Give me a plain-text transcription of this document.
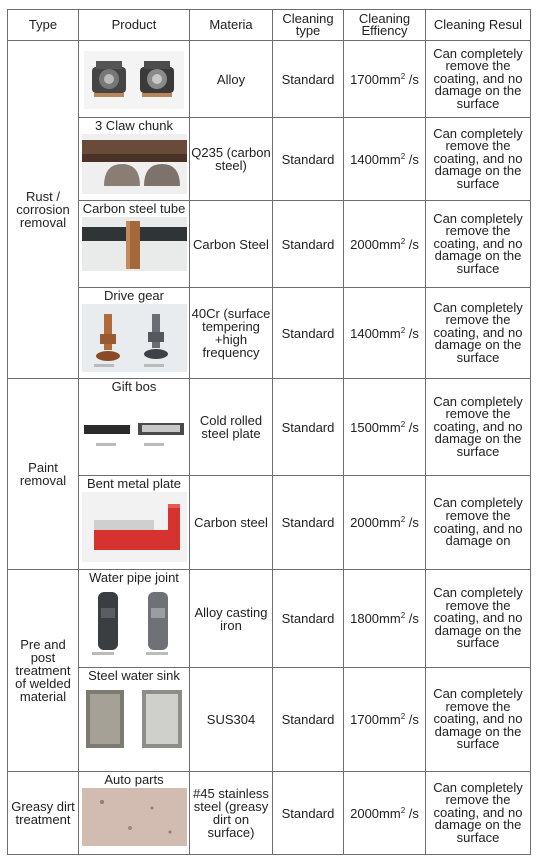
Type	Product	Materia	Cleaning type	Cleaning Effiency	Cleaning Resul
Rust / corrosion removal		Alloy	Standard	$1700mm^2$ /s	Can completely remove the coating, and no damage on the surface

	3 Claw chunk	Q235 (carbon steel)	Standard	$1400mm^2$ /s	Can completely remove the coating, and no damage on the surface

	Carbon steel tube	Carbon Steel	Standard	$2000mm^2$ /s	Can completely remove the coating, and no damage on the surface

	Drive gear	40Cr (surface tempering +high frequency	Standard	$1400mm^2$ /s	Can completely remove the coating, and no damage on the surface
Paint removal	Gift bos	Cold rolled steel plate	Standard	$1500mm^2$ /s	Can completely remove the coating, and no damage on the surface

	Bent metal plate	Carbon steel	Standard	$2000mm^2$ /s	Can completely remove the coating, and no damage on
Pre and post treatment of welded material	Water pipe joint	Alloy casting iron	Standard	$1800mm^2$ /s	Can completely remove the coating, and no damage on the surface

	Steel water sink	SUS304	Standard	$1700mm^2$ /s	Can completely remove the coating, and no damage on the surface
Greasy dirt treatment	Auto parts	#45 stainless steel (greasy dirt on surface)	Standard	$2000mm^2$ /s	Can completely remove the coating, and no damage on the surface
